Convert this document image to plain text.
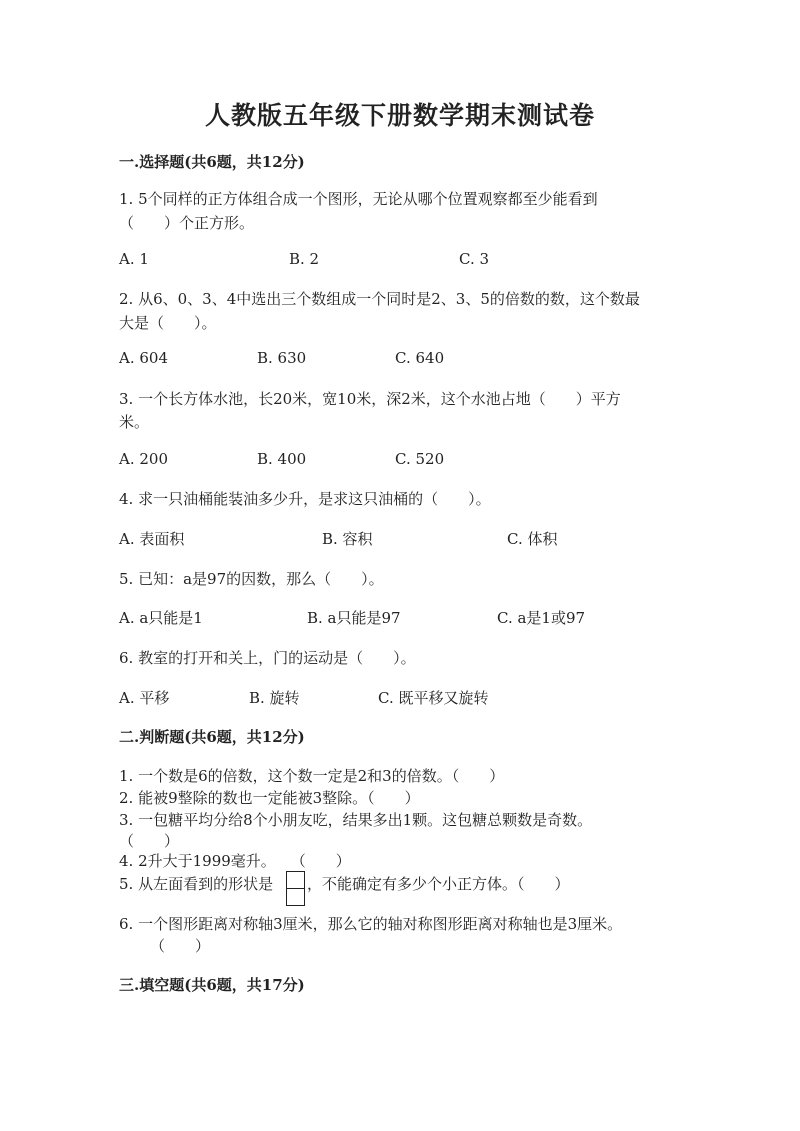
人教版五年级下册数学期末测试卷
一.选择题(共6题，共12分)
1. 5个同样的正方体组合成一个图形，无论从哪个位置观察都至少能看到
（　　）个正方形。
A. 1	B. 2	C. 3
2. 从6、0、3、4中选出三个数组成一个同时是2、3、5的倍数的数，这个数最
大是（　　）。
A. 604	B. 630	C. 640
3. 一个长方体水池，长20米，宽10米，深2米，这个水池占地（　　）平方
米。
A. 200	B. 400	C. 520
4. 求一只油桶能装油多少升，是求这只油桶的（　　）。
A. 表面积	B. 容积	C. 体积
5. 已知：a是97的因数，那么（　　）。
A. a只能是1	B. a只能是97	C. a是1或97
6. 教室的打开和关上，门的运动是（　　）。
A. 平移	B. 旋转	C. 既平移又旋转
二.判断题(共6题，共12分)
1. 一个数是6的倍数，这个数一定是2和3的倍数。（　　）
2. 能被9整除的数也一定能被3整除。（　　）
3. 一包糖平均分给8个小朋友吃，结果多出1颗。这包糖总颗数是奇数。
（　　）
4. 2升大于1999毫升。　　（　　）
5. 从左面看到的形状是 ，不能确定有多少个小正方体。（　　）
6. 一个图形距离对称轴3厘米，那么它的轴对称图形距离对称轴也是3厘米。
（　　）
三.填空题(共6题，共17分)
